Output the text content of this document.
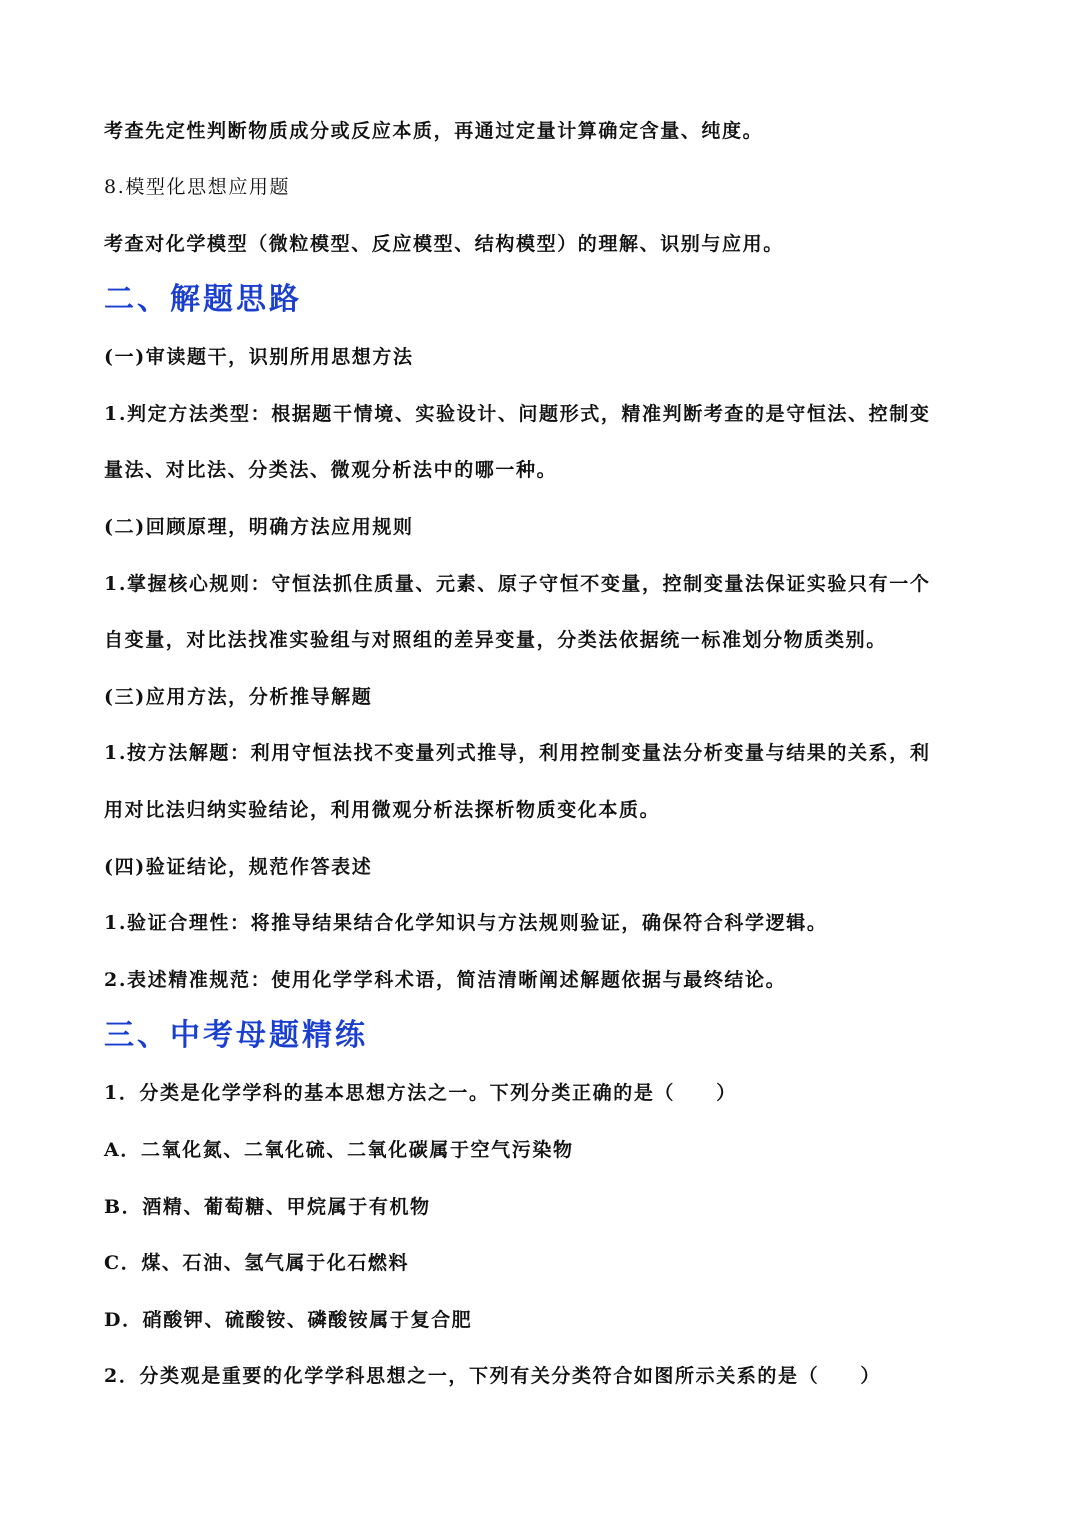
考查先定性判断物质成分或反应本质，再通过定量计算确定含量、纯度。
8.模型化思想应用题
考查对化学模型（微粒模型、反应模型、结构模型）的理解、识别与应用。
二、解题思路
(一)审读题干，识别所用思想方法
1.判定方法类型：根据题干情境、实验设计、问题形式，精准判断考查的是守恒法、控制变
量法、对比法、分类法、微观分析法中的哪一种。
(二)回顾原理，明确方法应用规则
1.掌握核心规则：守恒法抓住质量、元素、原子守恒不变量，控制变量法保证实验只有一个
自变量，对比法找准实验组与对照组的差异变量，分类法依据统一标准划分物质类别。
(三)应用方法，分析推导解题
1.按方法解题：利用守恒法找不变量列式推导，利用控制变量法分析变量与结果的关系，利
用对比法归纳实验结论，利用微观分析法探析物质变化本质。
(四)验证结论，规范作答表述
1.验证合理性：将推导结果结合化学知识与方法规则验证，确保符合科学逻辑。
2.表述精准规范：使用化学学科术语，简洁清晰阐述解题依据与最终结论。
三、中考母题精练
1．分类是化学学科的基本思想方法之一。下列分类正确的是（　　）
A．二氧化氮、二氧化硫、二氧化碳属于空气污染物
B．酒精、葡萄糖、甲烷属于有机物
C．煤、石油、氢气属于化石燃料
D．硝酸钾、硫酸铵、磷酸铵属于复合肥
2．分类观是重要的化学学科思想之一，下列有关分类符合如图所示关系的是（　　）
